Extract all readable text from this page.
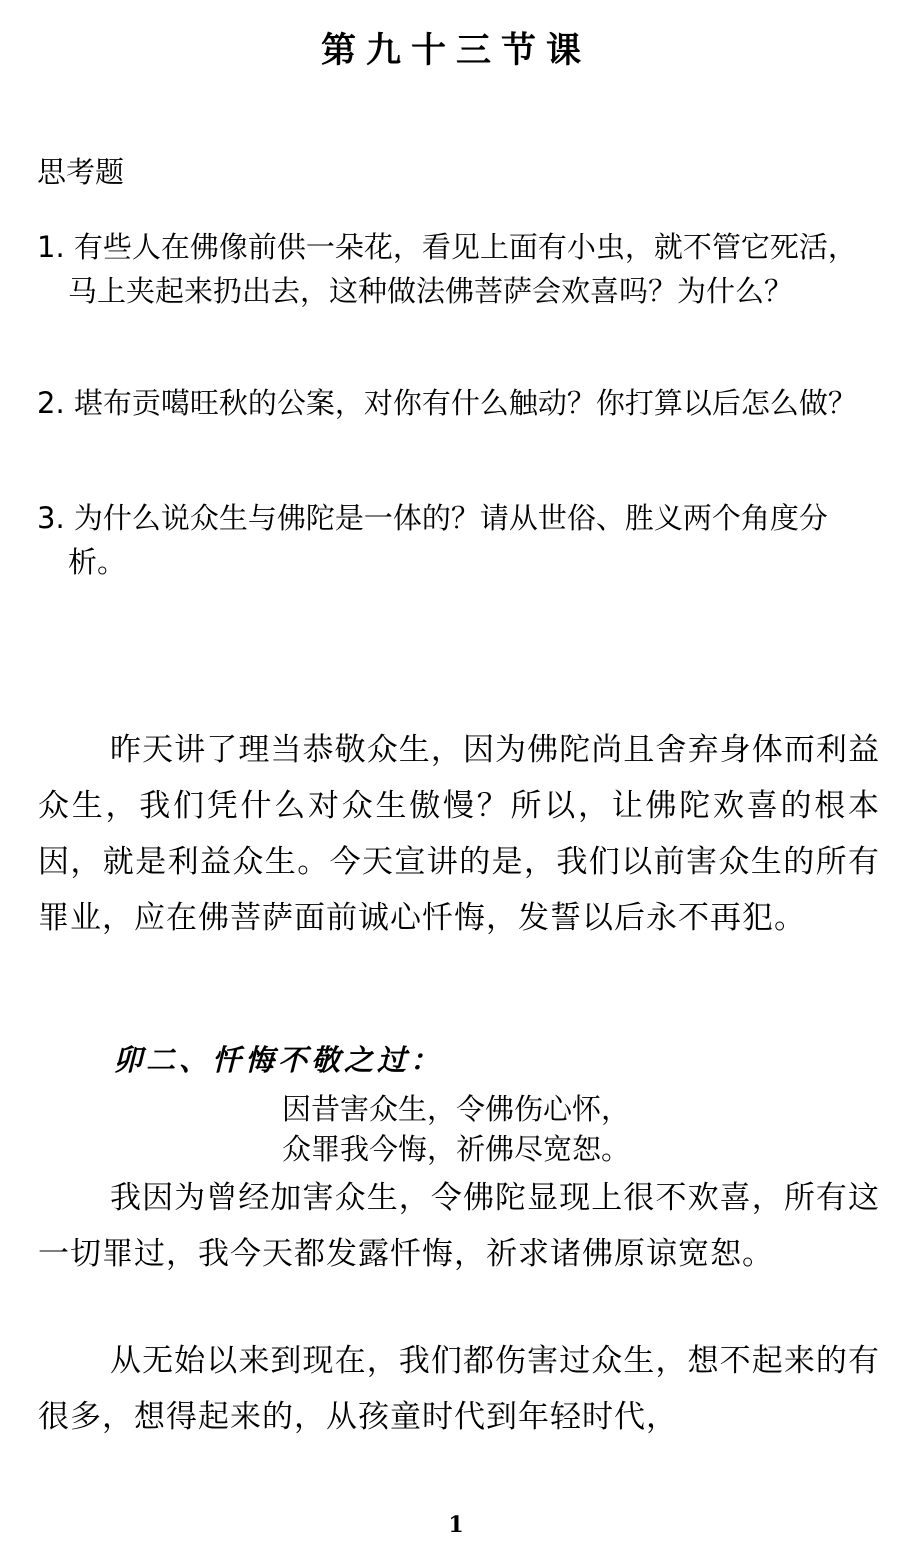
第九十三节课
思考题
1. 有些人在佛像前供一朵花，看见上面有小虫，就不管它死活，马上夹起来扔出去，这种做法佛菩萨会欢喜吗？为什么？
2. 堪布贡噶旺秋的公案，对你有什么触动？你打算以后怎么做？
3. 为什么说众生与佛陀是一体的？请从世俗、胜义两个角度分析。
昨天讲了理当恭敬众生，因为佛陀尚且舍弃身体而利益众生，我们凭什么对众生傲慢？所以，让佛陀欢喜的根本因，就是利益众生。今天宣讲的是，我们以前害众生的所有罪业，应在佛菩萨面前诚心忏悔，发誓以后永不再犯。
卯二、忏悔不敬之过：
因昔害众生，令佛伤心怀，
众罪我今悔，祈佛尽宽恕。
我因为曾经加害众生，令佛陀显现上很不欢喜，所有这一切罪过，我今天都发露忏悔，祈求诸佛原谅宽恕。
从无始以来到现在，我们都伤害过众生，想不起来的有很多，想得起来的，从孩童时代到年轻时代，
1
